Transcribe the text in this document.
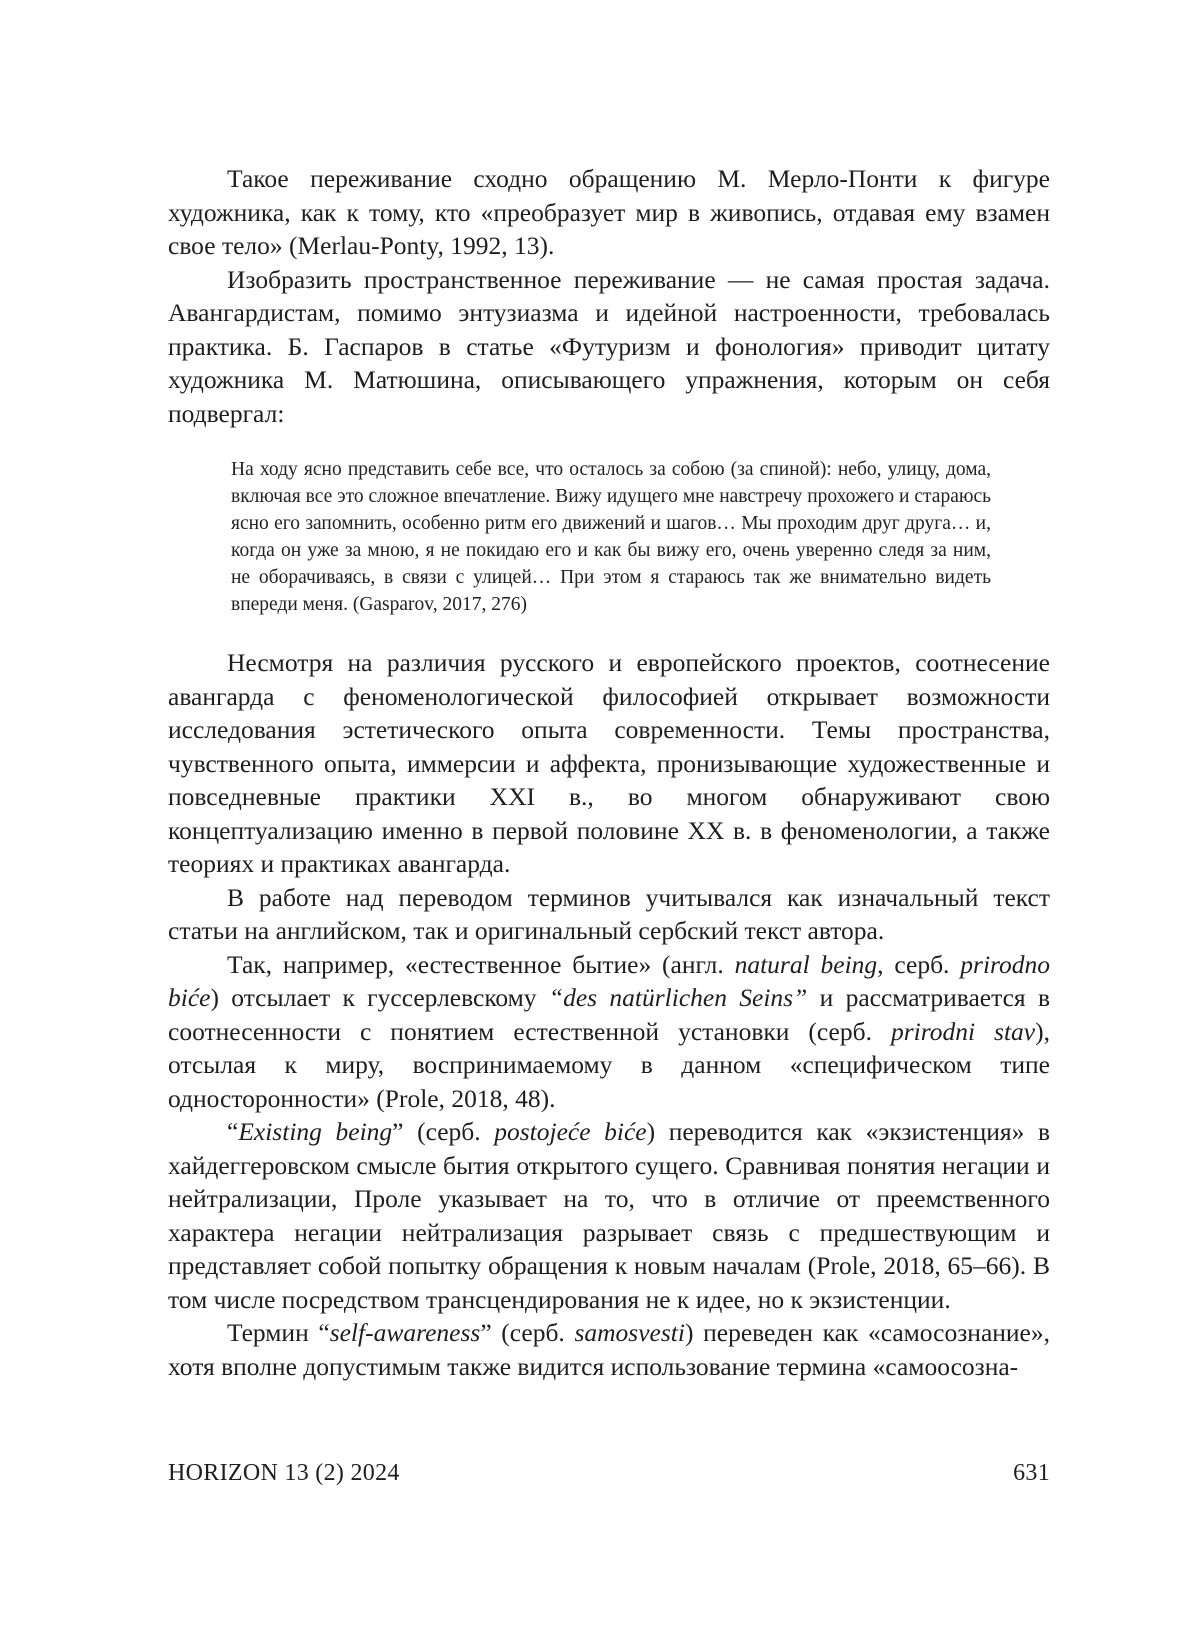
Такое переживание сходно обращению М. Мерло-Понти к фигуре художника, как к тому, кто «преобразует мир в живопись, отдавая ему взамен свое тело» (Merlau-Ponty, 1992, 13).

Изобразить пространственное переживание — не самая простая задача. Авангардистам, помимо энтузиазма и идейной настроенности, требовалась практика. Б. Гаспаров в статье «Футуризм и фонология» приводит цитату художника М. Матюшина, описывающего упражнения, которым он себя подвергал:

На ходу ясно представить себе все, что осталось за собою (за спиной): небо, улицу, дома, включая все это сложное впечатление. Вижу идущего мне навстречу прохожего и стараюсь ясно его запомнить, особенно ритм его движений и шагов… Мы проходим друг друга… и, когда он уже за мною, я не покидаю его и как бы вижу его, очень уверенно следя за ним, не оборачиваясь, в связи с улицей… При этом я стараюсь так же внимательно видеть впереди меня. (Gasparov, 2017, 276)

Несмотря на различия русского и европейского проектов, соотнесение авангарда с феноменологической философией открывает возможности исследования эстетического опыта современности. Темы пространства, чувственного опыта, иммерсии и аффекта, пронизывающие художественные и повседневные практики XXI в., во многом обнаруживают свою концептуализацию именно в первой половине XX в. в феноменологии, а также теориях и практиках авангарда.

В работе над переводом терминов учитывался как изначальный текст статьи на английском, так и оригинальный сербский текст автора.

Так, например, «естественное бытие» (англ. natural being, серб. prirodno biće) отсылает к гуссерлевскому “des natürlichen Seins” и рассматривается в соотнесенности с понятием естественной установки (серб. prirodni stav), отсылая к миру, воспринимаемому в данном «специфическом типе односторонности» (Prole, 2018, 48).

“Existing being” (серб. postojeće biće) переводится как «экзистенция» в хайдеггеровском смысле бытия открытого сущего. Сравнивая понятия негации и нейтрализации, Проле указывает на то, что в отличие от преемственного характера негации нейтрализация разрывает связь с предшествующим и представляет собой попытку обращения к новым началам (Prole, 2018, 65–66). В том числе посредством трансцендирования не к идее, но к экзистенции.

Термин “self-awareness” (серб. samosvesti) переведен как «самосознание», хотя вполне допустимым также видится использование термина «самоосозна-

HORIZON 13 (2) 2024	631
